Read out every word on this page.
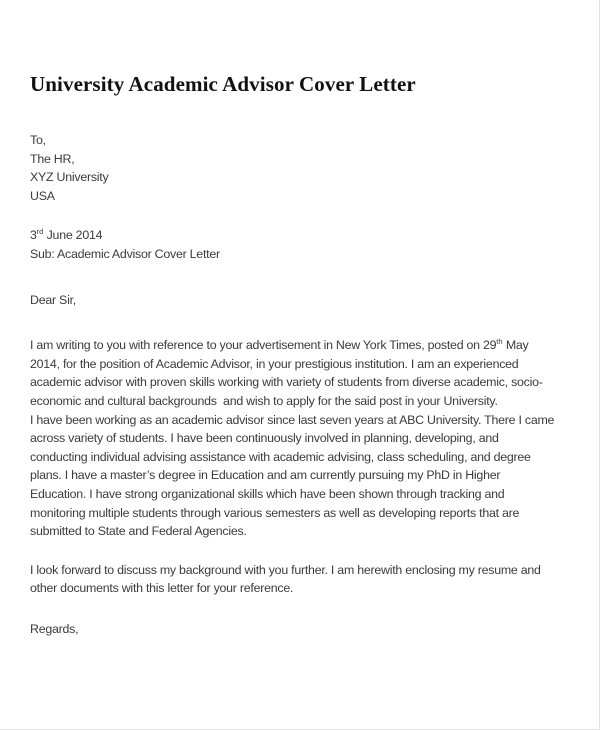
University Academic Advisor Cover Letter
To,
The HR,
XYZ University
USA
3rd June 2014
Sub: Academic Advisor Cover Letter
Dear Sir,
I am writing to you with reference to your advertisement in New York Times, posted on 29th May
2014, for the position of Academic Advisor, in your prestigious institution. I am an experienced
academic advisor with proven skills working with variety of students from diverse academic, socio-
economic and cultural backgrounds  and wish to apply for the said post in your University.
I have been working as an academic advisor since last seven years at ABC University. There I came
across variety of students. I have been continuously involved in planning, developing, and
conducting individual advising assistance with academic advising, class scheduling, and degree
plans. I have a master’s degree in Education and am currently pursuing my PhD in Higher
Education. I have strong organizational skills which have been shown through tracking and
monitoring multiple students through various semesters as well as developing reports that are
submitted to State and Federal Agencies.
I look forward to discuss my background with you further. I am herewith enclosing my resume and
other documents with this letter for your reference.
Regards,
